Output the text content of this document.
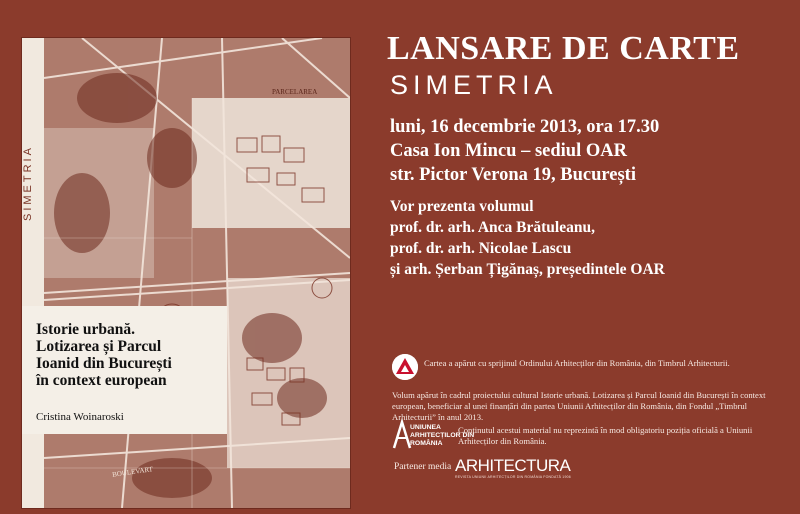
SIMETRIA
PARCELAREA
BOULEVART
Istorie urbană.
Lotizarea și Parcul
Ioanid din București
în context european
Cristina Woinaroski
LANSARE DE CARTE
SIMETRIA
luni, 16 decembrie 2013, ora 17.30
Casa Ion Mincu – sediul OAR
str. Pictor Verona 19, București
Vor prezenta volumul
prof. dr. arh. Anca Brătuleanu,
prof. dr. arh. Nicolae Lascu
și arh. Șerban Țigănaș, președintele OAR
Cartea a apărut cu sprijinul Ordinului Arhitecților din România, din Timbrul Arhitecturii.
Volum apărut în cadrul proiectului cultural Istorie urbană. Lotizarea și Parcul Ioanid din București în context european, beneficiar al unei finanțări din partea Uniunii Arhitecților din România, din Fondul „Timbrul Arhitecturii” în anul 2013.
UNIUNEA
ARHITECȚILOR DIN
ROMÂNIA
Conținutul acestui material nu reprezintă în mod obligatoriu poziția oficială a Uniunii Arhitecților din România.
Partener media ARHITECTURA
REVISTA UNIUNII ARHITECȚILOR DIN ROMÂNIA FONDATĂ 1906
